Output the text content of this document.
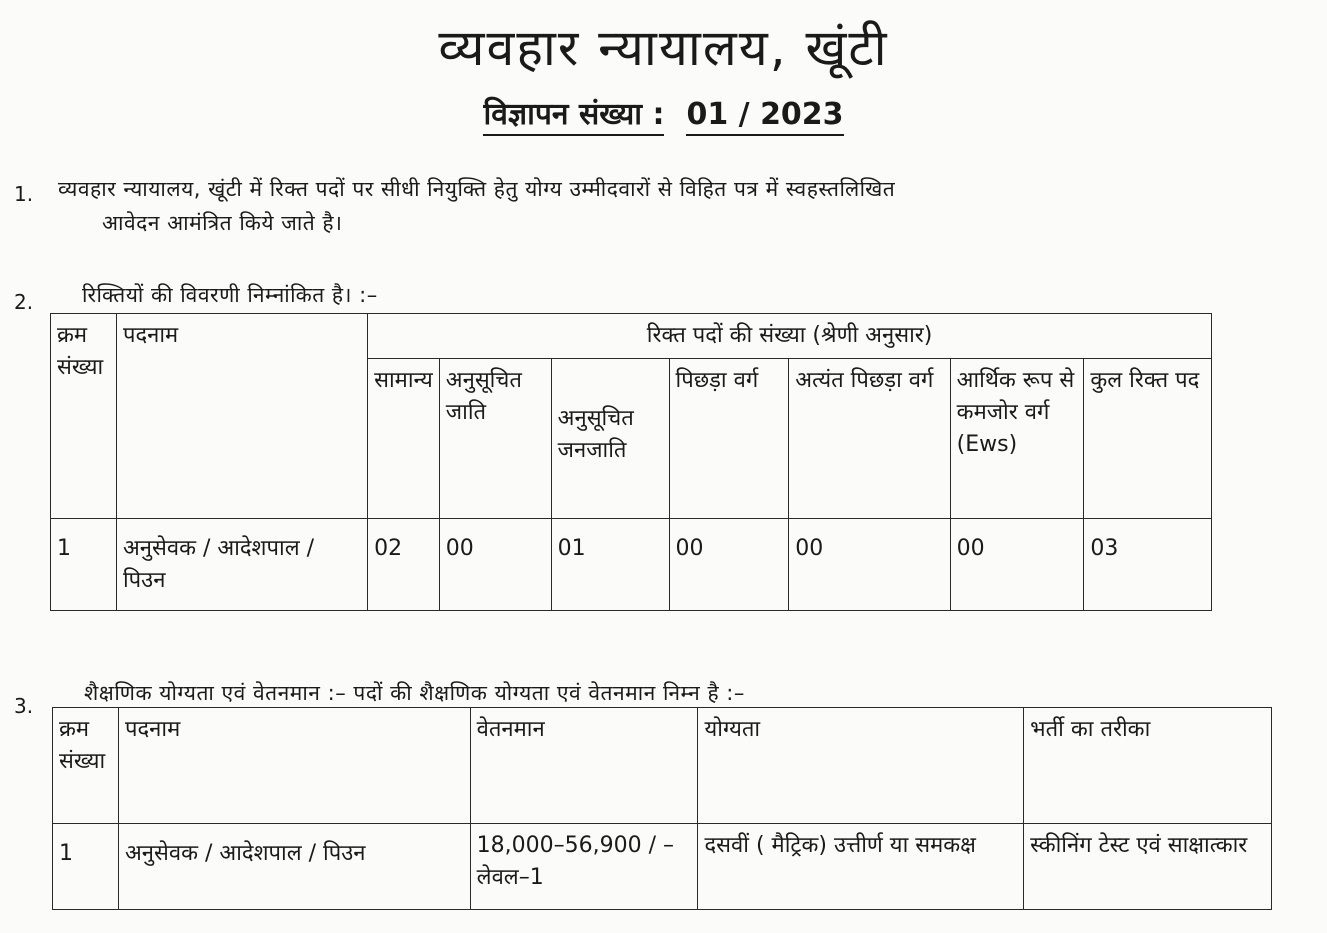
व्यवहार न्यायालय, खूंटी
विज्ञापन संख्या : 01 / 2023
1. व्यवहार न्यायालय, खूंटी में रिक्त पदों पर सीधी नियुक्ति हेतु योग्य उम्मीदवारों से विहित पत्र में स्वहस्तलिखित
आवेदन आमंत्रित किये जाते है।
2. रिक्तियों की विवरणी निम्नांकित है। :–
क्रम संख्या	पदनाम	रिक्त पदों की संख्या (श्रेणी अनुसार)						
		सामान्य	अनुसूचित जाति	अनुसूचित जनजाति	पिछड़ा वर्ग	अत्यंत पिछड़ा वर्ग	आर्थिक रूप से कमजोर वर्ग (Ews)	कुल रिक्त पद
1	अनुसेवक / आदेशपाल / पिउन	02	00	01	00	00	00	03
3.
शैक्षणिक योग्यता एवं वेतनमान :– पदों की शैक्षणिक योग्यता एवं वेतनमान निम्न है :–
क्रम संख्या	पदनाम	वेतनमान	योग्यता	भर्ती का तरीका
1	अनुसेवक / आदेशपाल / पिउन	18,000–56,900 / – लेवल–1	दसवीं ( मैट्रिक) उत्तीर्ण या समकक्ष	स्कीनिंग टेस्ट एवं साक्षात्कार
